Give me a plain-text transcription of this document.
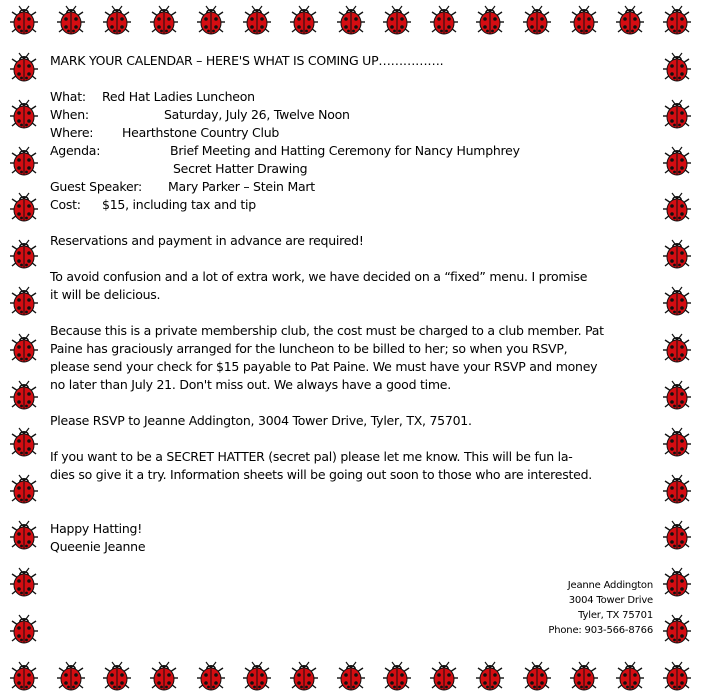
MARK YOUR CALENDAR – HERE'S WHAT IS COMING UP…………….

What: Red Hat Ladies Luncheon

When:	Saturday, July 26, Twelve Noon

Where: Hearthstone Country Club

Agenda:	Brief Meeting and Hatting Ceremony for Nancy Humphrey

Secret Hatter Drawing

Guest Speaker: Mary Parker – Stein Mart

Cost: $15, including tax and tip

Reservations and payment in advance are required!

To avoid confusion and a lot of extra work, we have decided on a “fixed” menu. I promise

it will be delicious.

Because this is a private membership club, the cost must be charged to a club member. Pat

Paine has graciously arranged for the luncheon to be billed to her; so when you RSVP,

please send your check for $15 payable to Pat Paine. We must have your RSVP and money

no later than July 21. Don't miss out. We always have a good time.

Please RSVP to Jeanne Addington, 3004 Tower Drive, Tyler, TX, 75701.

If you want to be a SECRET HATTER (secret pal) please let me know. This will be fun la-

dies so give it a try. Information sheets will be going out soon to those who are interested.

Happy Hatting!

Queenie Jeanne

Jeanne Addington
3004 Tower Drive
Tyler, TX 75701
Phone: 903-566-8766
